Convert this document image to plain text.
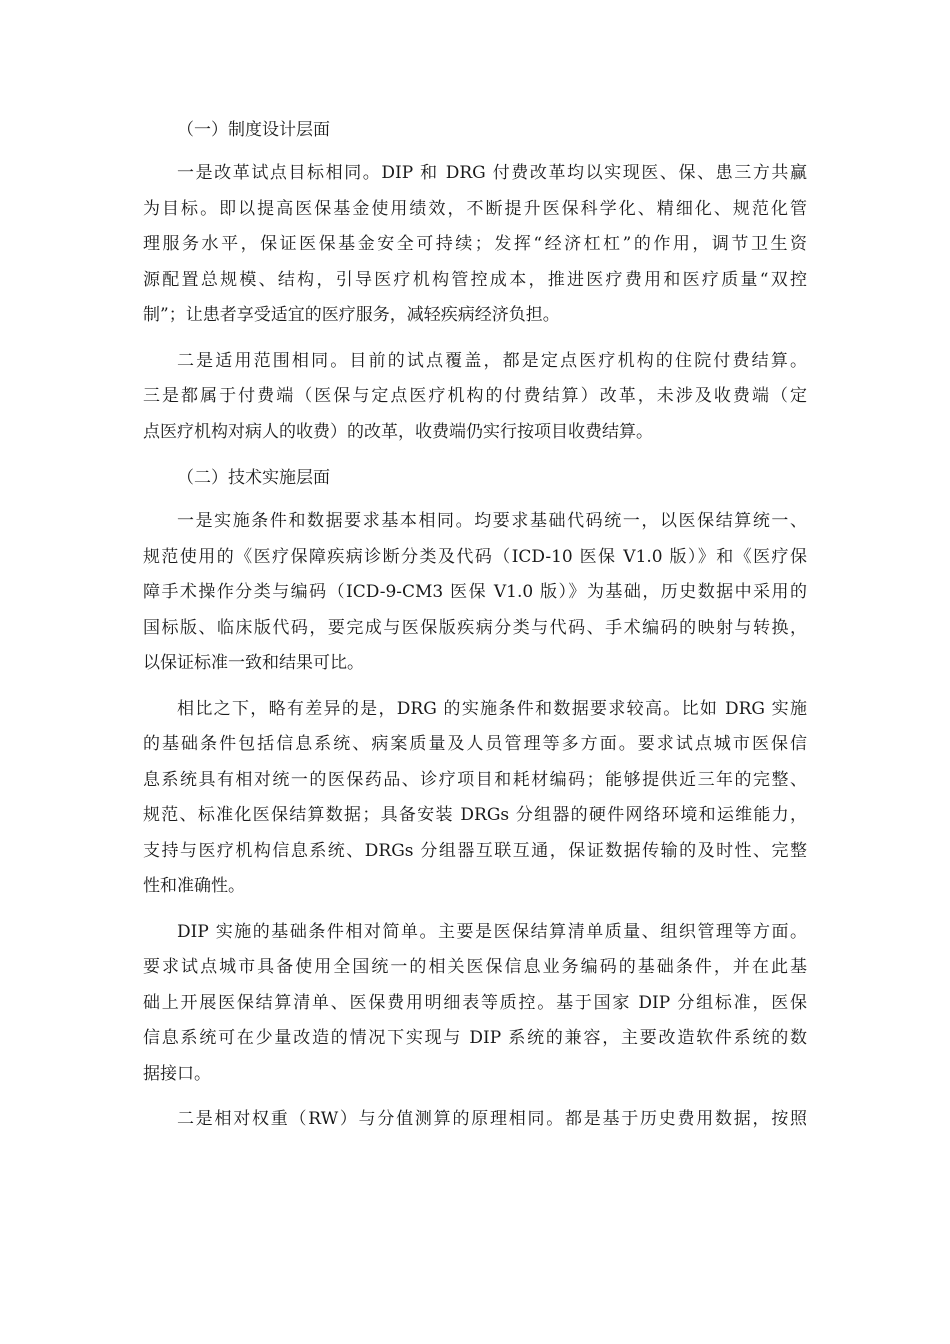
（一）制度设计层面
一是改革试点目标相同。DIP 和 DRG 付费改革均以实现医、保、患三方共赢
为目标。即以提高医保基金使用绩效，不断提升医保科学化、精细化、规范化管
理服务水平，保证医保基金安全可持续；发挥“经济杠杠”的作用，调节卫生资
源配置总规模、结构，引导医疗机构管控成本，推进医疗费用和医疗质量“双控
制”；让患者享受适宜的医疗服务，减轻疾病经济负担。
二是适用范围相同。目前的试点覆盖，都是定点医疗机构的住院付费结算。
三是都属于付费端（医保与定点医疗机构的付费结算）改革，未涉及收费端（定
点医疗机构对病人的收费）的改革，收费端仍实行按项目收费结算。
（二）技术实施层面
一是实施条件和数据要求基本相同。均要求基础代码统一，以医保结算统一、
规范使用的《医疗保障疾病诊断分类及代码（ICD-10 医保 V1.0 版）》和《医疗保
障手术操作分类与编码（ICD-9-CM3 医保 V1.0 版）》为基础，历史数据中采用的
国标版、临床版代码，要完成与医保版疾病分类与代码、手术编码的映射与转换，
以保证标准一致和结果可比。
相比之下，略有差异的是，DRG 的实施条件和数据要求较高。比如 DRG 实施
的基础条件包括信息系统、病案质量及人员管理等多方面。要求试点城市医保信
息系统具有相对统一的医保药品、诊疗项目和耗材编码；能够提供近三年的完整、
规范、标准化医保结算数据；具备安装 DRGs 分组器的硬件网络环境和运维能力，
支持与医疗机构信息系统、DRGs 分组器互联互通，保证数据传输的及时性、完整
性和准确性。
DIP 实施的基础条件相对简单。主要是医保结算清单质量、组织管理等方面。
要求试点城市具备使用全国统一的相关医保信息业务编码的基础条件，并在此基
础上开展医保结算清单、医保费用明细表等质控。基于国家 DIP 分组标准，医保
信息系统可在少量改造的情况下实现与 DIP 系统的兼容，主要改造软件系统的数
据接口。
二是相对权重（RW）与分值测算的原理相同。都是基于历史费用数据，按照
